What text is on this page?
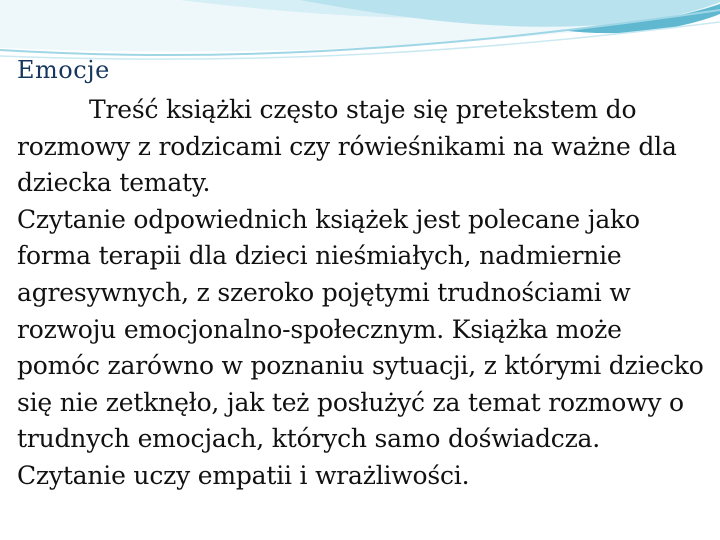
Emocje

Treść książki często staje się pretekstem do rozmowy z rodzicami czy rówieśnikami na ważne dla dziecka tematy.

Czytanie odpowiednich książek jest polecane jako forma terapii dla dzieci nieśmiałych, nadmiernie agresywnych, z szeroko pojętymi trudnościami w rozwoju emocjonalno-społecznym. Książka może pomóc zarówno w poznaniu sytuacji, z którymi dziecko się nie zetknęło, jak też posłużyć za temat rozmowy o trudnych emocjach, których samo doświadcza.

Czytanie uczy empatii i wrażliwości.
